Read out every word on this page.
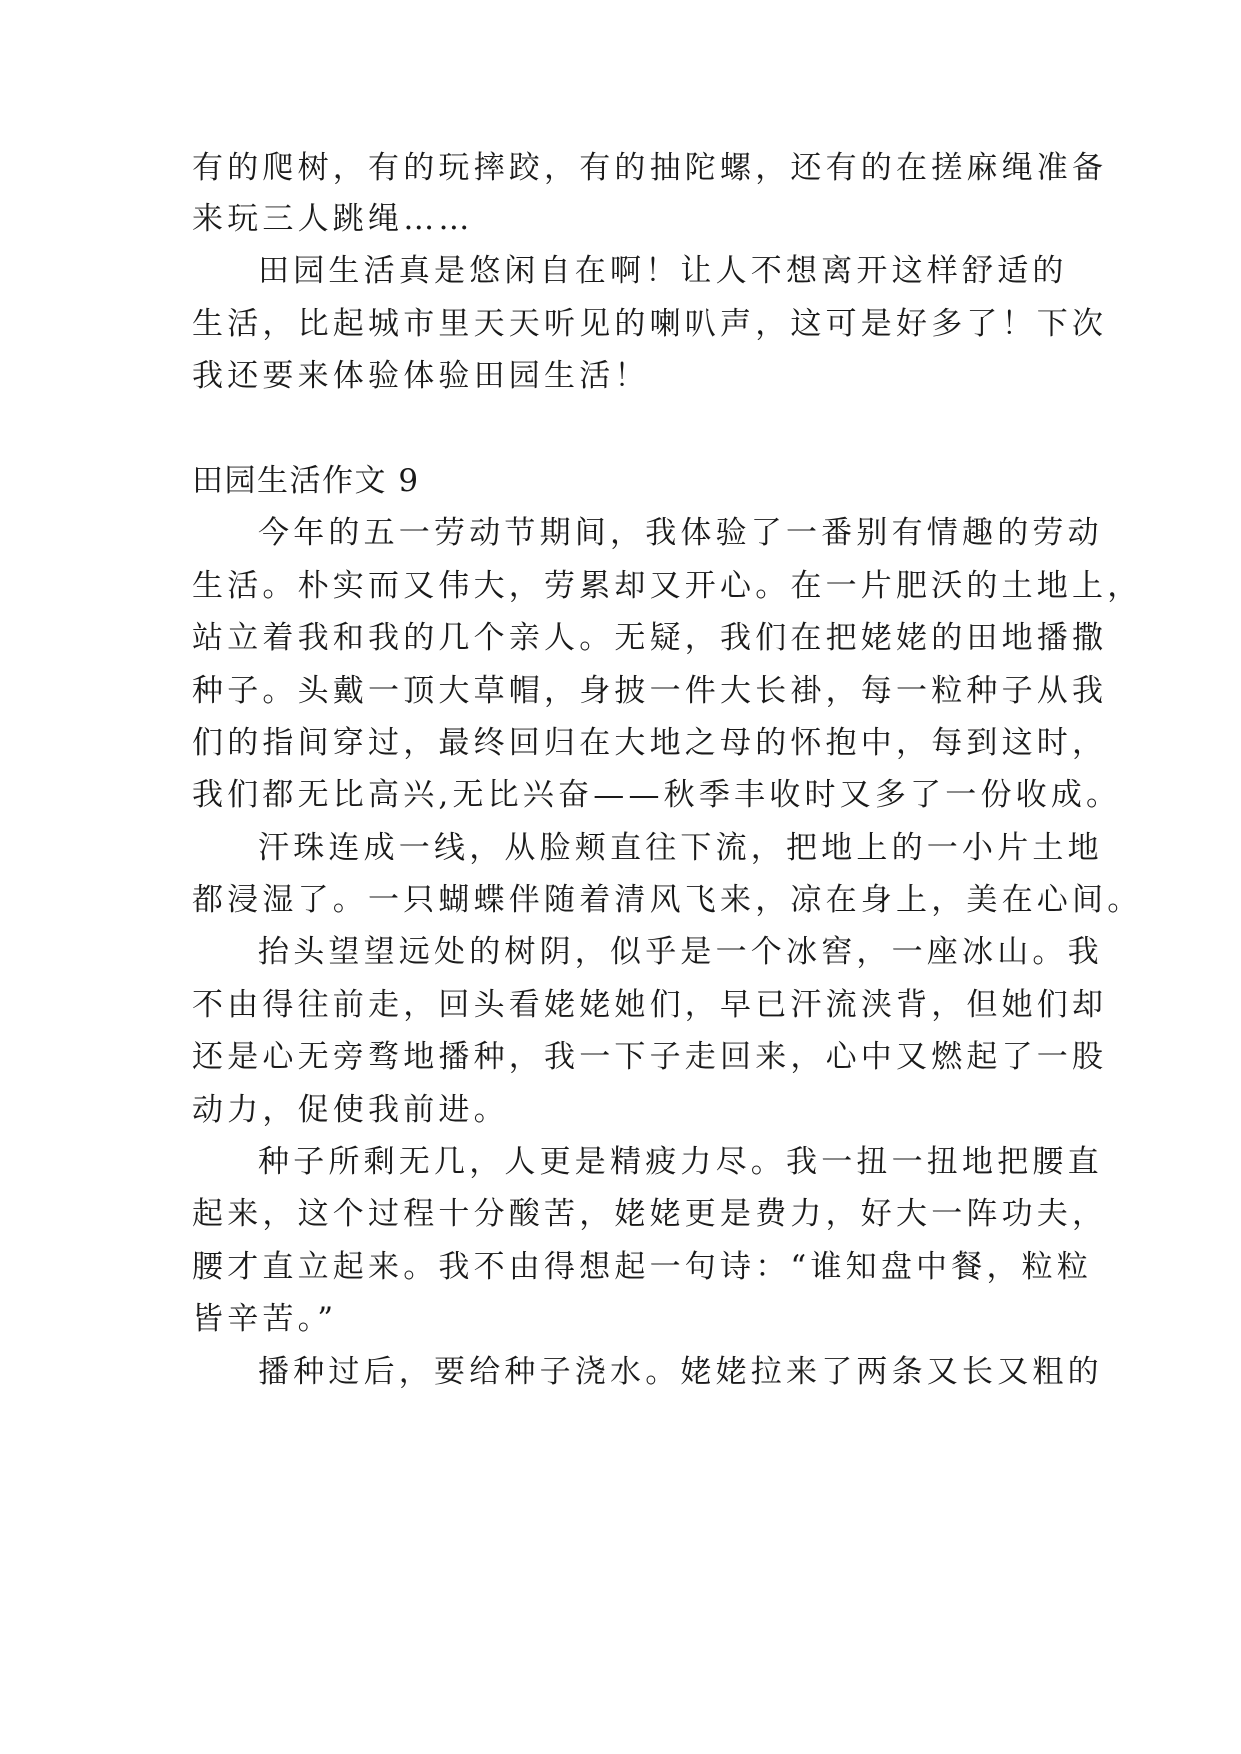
有的爬树，有的玩摔跤，有的抽陀螺，还有的在搓麻绳准备
来玩三人跳绳……
田园生活真是悠闲自在啊！让人不想离开这样舒适的
生活，比起城市里天天听见的喇叭声，这可是好多了！下次
我还要来体验体验田园生活！
田园生活作文 9
今年的五一劳动节期间，我体验了一番别有情趣的劳动
生活。朴实而又伟大，劳累却又开心。在一片肥沃的土地上，
站立着我和我的几个亲人。无疑，我们在把姥姥的田地播撒
种子。头戴一顶大草帽，身披一件大长褂，每一粒种子从我
们的指间穿过，最终回归在大地之母的怀抱中，每到这时，
我们都无比高兴,无比兴奋——秋季丰收时又多了一份收成。
汗珠连成一线，从脸颊直往下流，把地上的一小片土地
都浸湿了。一只蝴蝶伴随着清风飞来，凉在身上，美在心间。
抬头望望远处的树阴，似乎是一个冰窖，一座冰山。我
不由得往前走，回头看姥姥她们，早已汗流浃背，但她们却
还是心无旁骛地播种，我一下子走回来，心中又燃起了一股
动力，促使我前进。
种子所剩无几，人更是精疲力尽。我一扭一扭地把腰直
起来，这个过程十分酸苦，姥姥更是费力，好大一阵功夫，
腰才直立起来。我不由得想起一句诗：“谁知盘中餐，粒粒
皆辛苦。”
播种过后，要给种子浇水。姥姥拉来了两条又长又粗的
